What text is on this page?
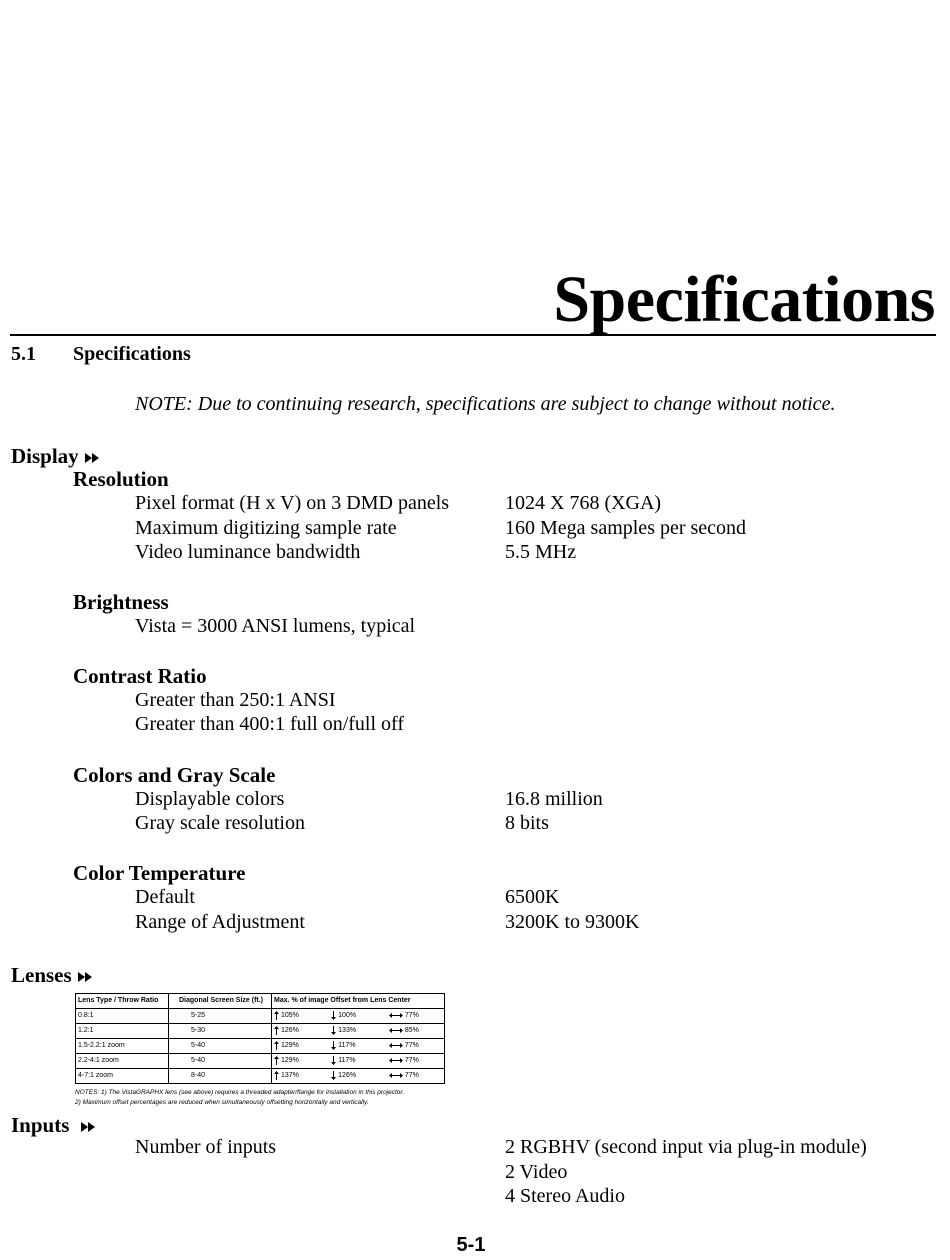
Specifications
5.1 Specifications
NOTE: Due to continuing research, specifications are subject to change without notice.
Display
Resolution
Pixel format (H x V) on 3 DMD panels	1024 X 768 (XGA)
Maximum digitizing sample rate	160 Mega samples per second
Video luminance bandwidth	5.5 MHz
Brightness
Vista = 3000 ANSI lumens, typical
Contrast Ratio
Greater than 250:1 ANSI
Greater than 400:1 full on/full off
Colors and Gray Scale
Displayable colors	16.8 million
Gray scale resolution	8 bits
Color Temperature
Default	6500K
Range of Adjustment	3200K to 9300K
Lenses
Lens Type / Throw Ratio	Diagonal Screen Size (ft.)	Max. % of image Offset from Lens Center		
0.8:1	5-25	105%	100%	77%
1.2:1	5-30	126%	133%	85%
1.5-2.2:1 zoom	5-40	129%	117%	77%
2.2-4:1 zoom	5-40	129%	117%	77%
4-7:1 zoom	8-40	137%	126%	77%
NOTES: 1) The VistaGRAPHX lens (see above) requires a threaded adapter/flange for installation in this projector.
2) Maximum offset percentages are reduced when simultaneously offsetting horizontally and vertically.
Inputs
Number of inputs	2 RGBHV (second input via plug-in module)
2 Video
4 Stereo Audio
5-1
